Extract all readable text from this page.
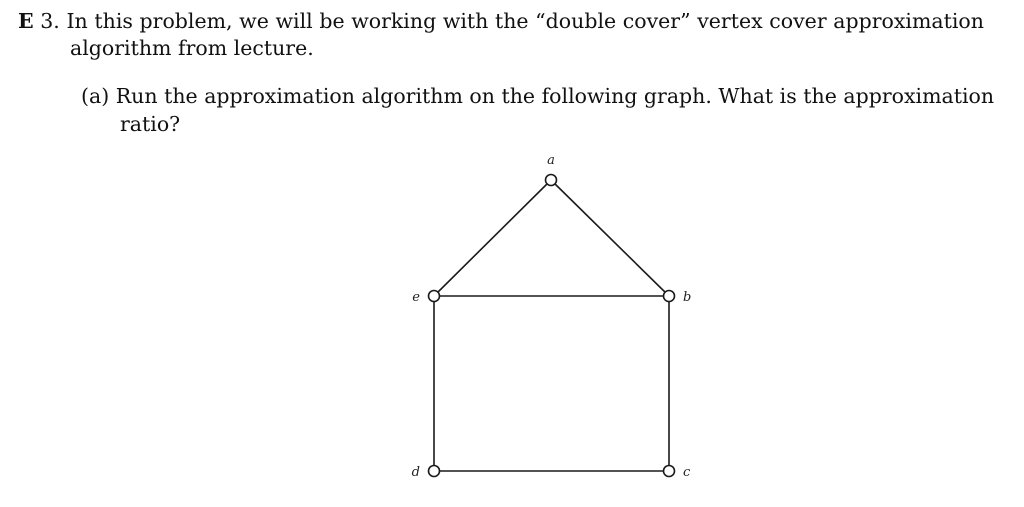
E 3. In this problem, we will be working with the “double cover” vertex cover approximation
algorithm from lecture.
(a) Run the approximation algorithm on the following graph. What is the approximation
ratio?
a
b
c
d
e
